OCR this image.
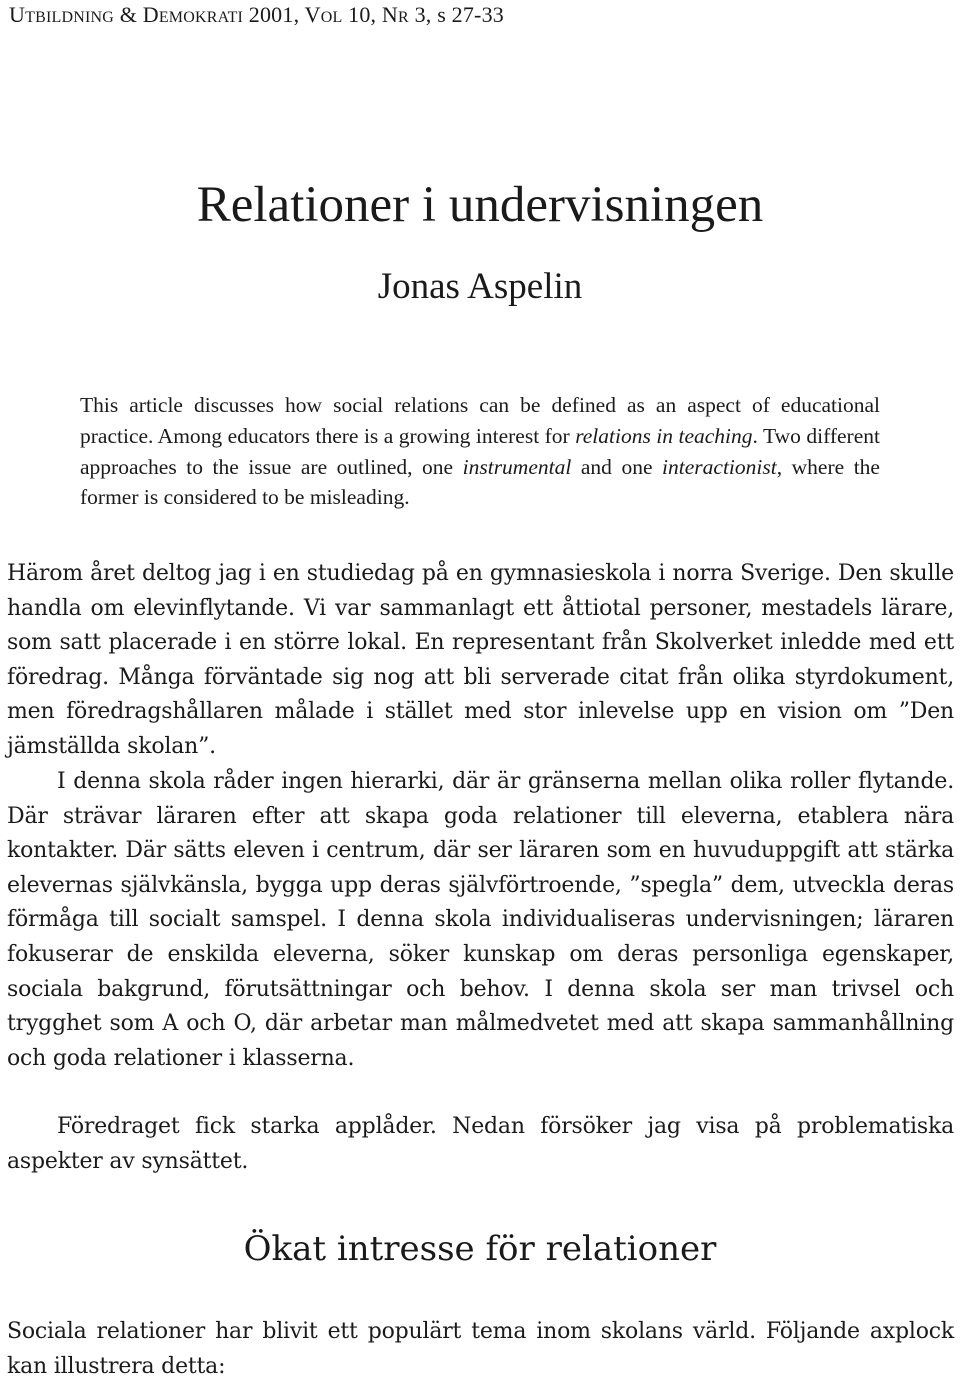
UTBILDNING & DEMOKRATI 2001, VOL 10, NR 3, s 27-33
Relationer i undervisningen

Jonas Aspelin

This article discusses how social relations can be defined as an aspect of educational practice. Among educators there is a growing interest for relations in teaching. Two different approaches to the issue are outlined, one instrumental and one interactionist, where the former is considered to be misleading.

Härom året deltog jag i en studiedag på en gymnasieskola i norra Sverige. Den skulle handla om elevinflytande. Vi var sammanlagt ett åttiotal personer, mestadels lärare, som satt placerade i en större lokal. En representant från Skolverket inledde med ett föredrag. Många förväntade sig nog att bli serverade citat från olika styrdokument, men föredragshållaren målade i stället med stor inlevelse upp en vision om ”Den jämställda skolan”.

I denna skola råder ingen hierarki, där är gränserna mellan olika roller flytande. Där strävar läraren efter att skapa goda relationer till eleverna, etablera nära kontakter. Där sätts eleven i centrum, där ser läraren som en huvuduppgift att stärka elevernas självkänsla, bygga upp deras självförtroende, ”spegla” dem, utveckla deras förmåga till socialt samspel. I denna skola individualiseras undervisningen; läraren fokuserar de enskilda eleverna, söker kunskap om deras personliga egenskaper, sociala bakgrund, förutsättningar och behov. I denna skola ser man trivsel och trygghet som A och O, där arbetar man målmedvetet med att skapa sammanhållning och goda relationer i klasserna.

Föredraget fick starka applåder. Nedan försöker jag visa på problematiska aspekter av synsättet.

Ökat intresse för relationer

Sociala relationer har blivit ett populärt tema inom skolans värld. Följande axplock kan illustrera detta:
